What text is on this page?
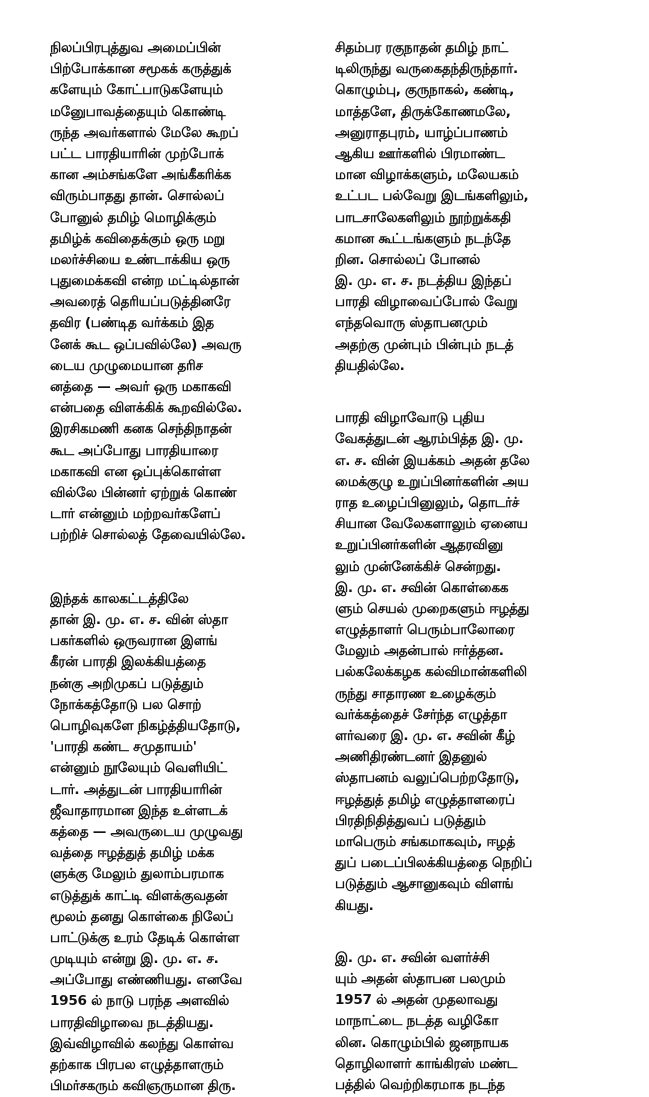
நிலப்பிரபுத்துவ அமைப்பின்
பிற்போக்கான சமூகக் கருத்துக்
களேயும் கோட்பாடுகளேயும்
மனுேபாவத்தையும் கொண்டி
ருந்த அவர்களால் மேலே கூறப்
பட்ட பாரதியாரின் முற்போக்
கான அம்சங்களே அங்கீகரிக்க
விரும்பாதது தான். சொல்லப்
போனுல் தமிழ் மொழிக்கும்
தமிழ்க் கவிதைக்கும் ஒரு மறு
மலர்ச்சியை உண்டாக்கிய ஒரு
புதுமைக்கவி என்ற மட்டில்தான்
அவரைத் தெரியப்படுத்தினரே
தவிர (பண்டித வர்க்கம் இத
னேக் கூட ஒப்பவில்லே) அவரு
டைய முழுமையான தரிச
னத்தை — அவர் ஒரு மகாகவி
என்பதை விளக்கிக் கூறவில்லே.
இரசிகமணி கனக செந்திநாதன்
கூட அப்போது பாரதியாரை
மகாகவி என ஒப்புக்கொள்ள
வில்லே பின்னர் ஏற்றுக் கொண்
டார் என்னும் மற்றவர்களேப்
பற்றிச் சொல்லத் தேவையில்லே.
இந்தக் காலகட்டத்திலே
தான் இ. மு. எ. ச. வின் ஸ்தா
பகர்களில் ஒருவரான இளங்
கீரன் பாரதி இலக்கியத்தை
நன்கு அறிமுகப் படுத்தும்
நோக்கத்தோடு பல சொற்
பொழிவுகளே நிகழ்த்தியதோடு,
'பாரதி கண்ட சமுதாயம்'
என்னும் நூலேயும் வெளியிட்
டார். அத்துடன் பாரதியாரின்
ஜீவாதாரமான இந்த உள்ளடக்
கத்தை — அவருடைய முழுவது
வத்தை ஈழத்துத் தமிழ் மக்க
ளுக்கு மேலும் துலாம்பரமாக
எடுத்துக் காட்டி விளக்குவதன்
மூலம் தனது கொள்கை நிலேப்
பாட்டுக்கு உரம் தேடிக் கொள்ள
முடியும் என்று இ. மு. எ. ச.
அப்போது எண்ணியது. எனவே
1956 ல் நாடு பரந்த அளவில்
பாரதிவிழாவை நடத்தியது.
இவ்விழாவில் கலந்து கொள்வ
தற்காக பிரபல எழுத்தாளரும்
பிமர்சகரும் கவிஞருமான திரு.
சிதம்பர ரகுநாதன் தமிழ் நாட்
டிலிருந்து வருகைதந்திருந்தார்.
கொழும்பு, குருநாகல், கண்டி,
மாத்தளே, திருக்கோணமலே,
அனுராதபுரம், யாழ்ப்பாணம்
ஆகிய ஊர்களில் பிரமாண்ட
மான விழாக்களும், மலேயகம்
உட்பட பல்வேறு இடங்களிலும்,
பாடசாலேகளிலும் நூற்றுக்கதி
கமான கூட்டங்களும் நடந்தே
றின. சொல்லப் போனல்
இ. மு. எ. ச. நடத்திய இந்தப்
பாரதி விழாவைப்போல் வேறு
எந்தவொரு ஸ்தாபனமும்
அதற்கு முன்பும் பின்பும் நடத்
தியதில்லே.
பாரதி விழாவோடு புதிய
வேகத்துடன் ஆரம்பித்த இ. மு.
எ. ச. வின் இயக்கம் அதன் தலே
மைக்குழு உறுப்பினர்களின் அய
ராத உழைப்பினுலும், தொடர்ச்
சியான வேலேகளாலும் ஏனைய
உறுப்பினர்களின் ஆதரவினு
லும் முன்னேக்கிச் சென்றது.
இ. மு. எ. சவின் கொள்கைக
ளும் செயல் முறைகளும் ஈழத்து
எழுத்தாளர் பெரும்பாலோரை
மேலும் அதன்பால் ஈர்த்தன.
பல்கலேக்கழக கல்விமான்களிலி
ருந்து சாதாரண உழைக்கும்
வர்க்கத்தைச் சேர்ந்த எழுத்தா
ளர்வரை இ. மு. எ. சவின் கீழ்
அணிதிரண்டனர் இதனுல்
ஸ்தாபனம் வலுப்பெற்றதோடு,
ஈழத்துத் தமிழ் எழுத்தாளரைப்
பிரதிநிதித்துவப் படுத்தும்
மாபெரும் சங்கமாகவும், ஈழத்
துப் படைப்பிலக்கியத்தை நெறிப்
படுத்தும் ஆசானுகவும் விளங்
கியது.
இ. மு. எ. சவின் வளர்ச்சி
யும் அதன் ஸ்தாபன பலமும்
1957 ல் அதன் முதலாவது
மாநாட்டை நடத்த வழிகோ
லின. கொழும்பில் ஜனநாயக
தொழிலாளர் காங்கிரஸ் மண்ட
பத்தில் வெற்றிகரமாக நடந்த
